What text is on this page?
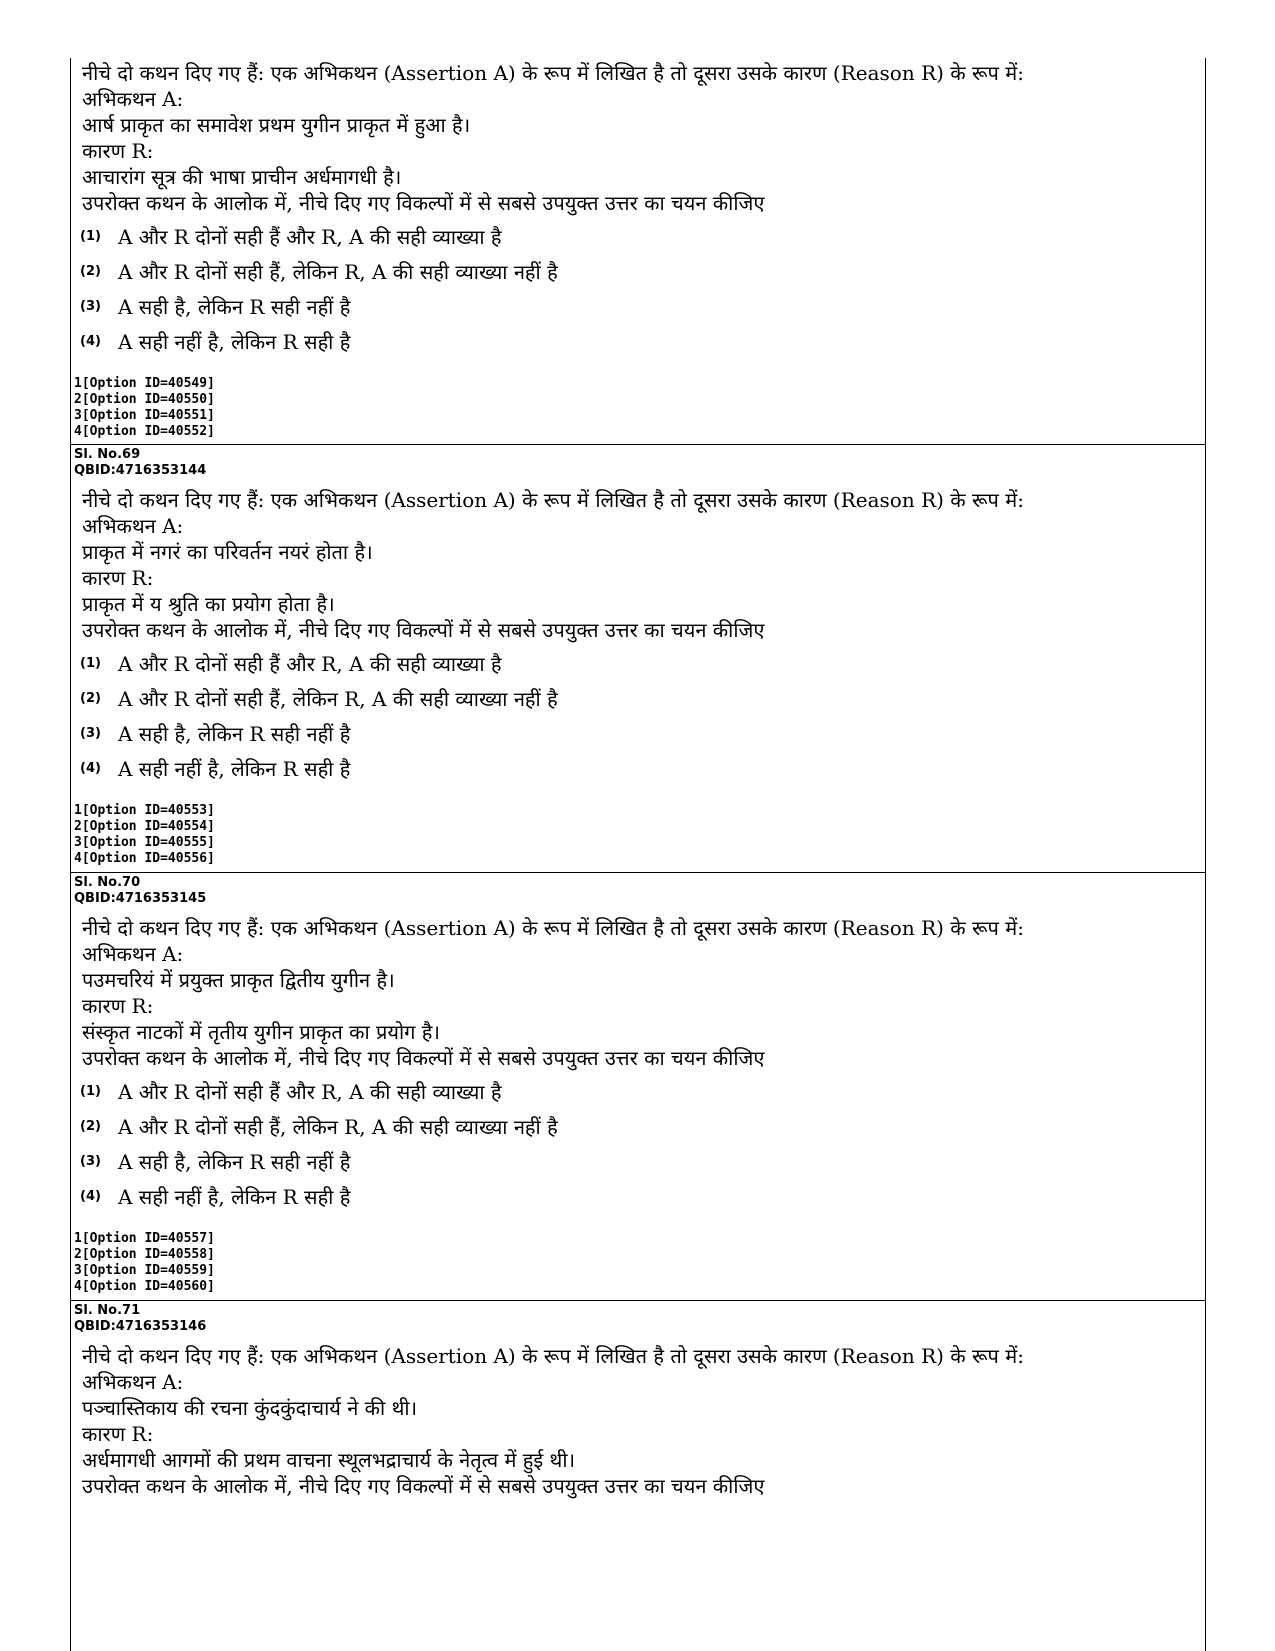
नीचे दो कथन दिए गए हैं: एक अभिकथन (Assertion A) के रूप में लिखित है तो दूसरा उसके कारण (Reason R) के रूप में:
अभिकथन A:
आर्ष प्राकृत का समावेश प्रथम युगीन प्राकृत में हुआ है।
कारण R:
आचारांग सूत्र की भाषा प्राचीन अर्धमागधी है।
उपरोक्त कथन के आलोक में, नीचे दिए गए विकल्पों में से सबसे उपयुक्त उत्तर का चयन कीजिए
(1) A और R दोनों सही हैं और R, A की सही व्याख्या है
(2) A और R दोनों सही हैं, लेकिन R, A की सही व्याख्या नहीं है
(3) A सही है, लेकिन R सही नहीं है
(4) A सही नहीं है, लेकिन R सही है
1[Option ID=40549]
2[Option ID=40550]
3[Option ID=40551]
4[Option ID=40552]
Sl. No.69
QBID:4716353144
नीचे दो कथन दिए गए हैं: एक अभिकथन (Assertion A) के रूप में लिखित है तो दूसरा उसके कारण (Reason R) के रूप में:
अभिकथन A:
प्राकृत में नगरं का परिवर्तन नयरं होता है।
कारण R:
प्राकृत में य श्रुति का प्रयोग होता है।
उपरोक्त कथन के आलोक में, नीचे दिए गए विकल्पों में से सबसे उपयुक्त उत्तर का चयन कीजिए
(1) A और R दोनों सही हैं और R, A की सही व्याख्या है
(2) A और R दोनों सही हैं, लेकिन R, A की सही व्याख्या नहीं है
(3) A सही है, लेकिन R सही नहीं है
(4) A सही नहीं है, लेकिन R सही है
1[Option ID=40553]
2[Option ID=40554]
3[Option ID=40555]
4[Option ID=40556]
Sl. No.70
QBID:4716353145
नीचे दो कथन दिए गए हैं: एक अभिकथन (Assertion A) के रूप में लिखित है तो दूसरा उसके कारण (Reason R) के रूप में:
अभिकथन A:
पउमचरियं में प्रयुक्त प्राकृत द्वितीय युगीन है।
कारण R:
संस्कृत नाटकों में तृतीय युगीन प्राकृत का प्रयोग है।
उपरोक्त कथन के आलोक में, नीचे दिए गए विकल्पों में से सबसे उपयुक्त उत्तर का चयन कीजिए
(1) A और R दोनों सही हैं और R, A की सही व्याख्या है
(2) A और R दोनों सही हैं, लेकिन R, A की सही व्याख्या नहीं है
(3) A सही है, लेकिन R सही नहीं है
(4) A सही नहीं है, लेकिन R सही है
1[Option ID=40557]
2[Option ID=40558]
3[Option ID=40559]
4[Option ID=40560]
Sl. No.71
QBID:4716353146
नीचे दो कथन दिए गए हैं: एक अभिकथन (Assertion A) के रूप में लिखित है तो दूसरा उसके कारण (Reason R) के रूप में:
अभिकथन A:
पञ्चास्तिकाय की रचना कुंदकुंदाचार्य ने की थी।
कारण R:
अर्धमागधी आगमों की प्रथम वाचना स्थूलभद्राचार्य के नेतृत्व में हुई थी।
उपरोक्त कथन के आलोक में, नीचे दिए गए विकल्पों में से सबसे उपयुक्त उत्तर का चयन कीजिए
